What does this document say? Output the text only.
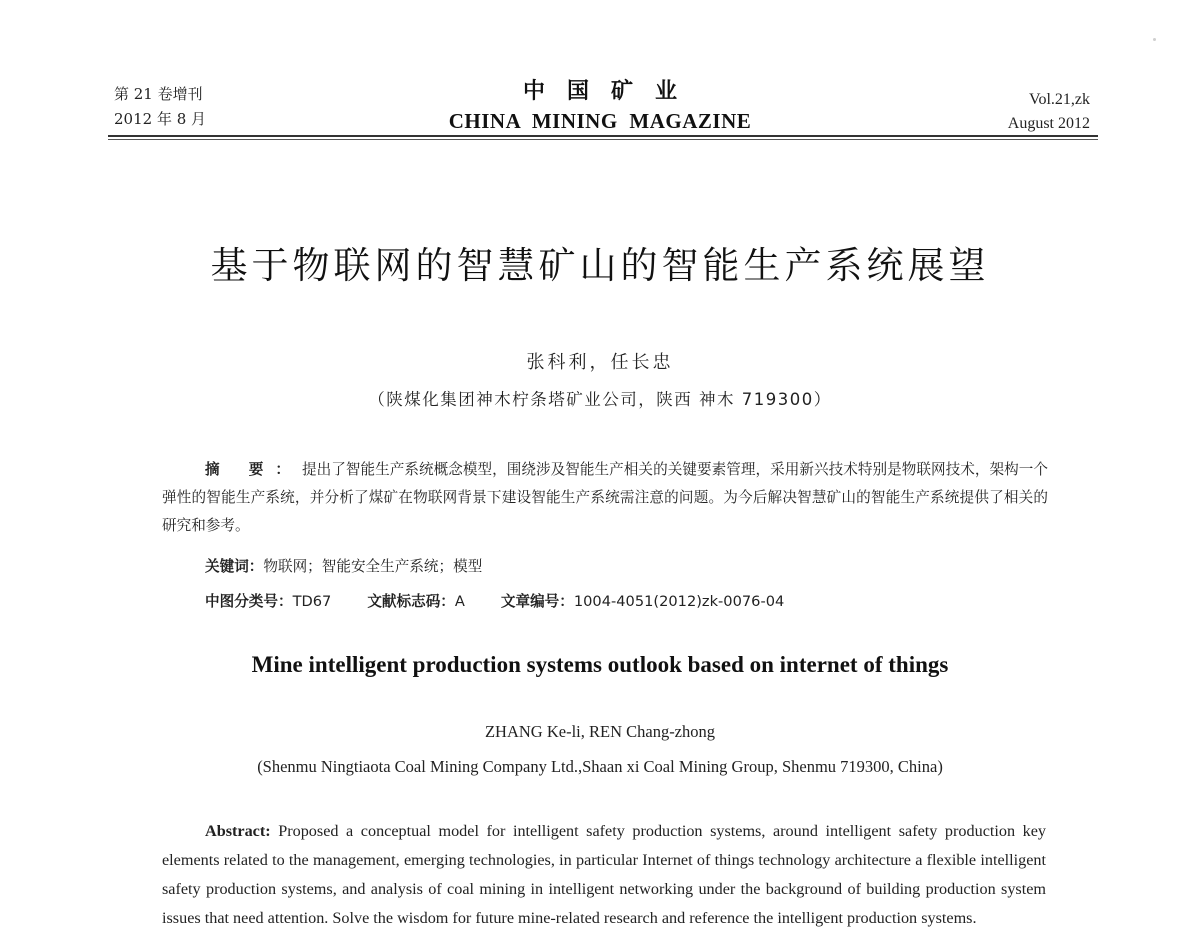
第 21 卷增刊
2012 年 8 月
中国矿业
CHINA MINING MAGAZINE
Vol.21,zk
August 2012
基于物联网的智慧矿山的智能生产系统展望
张科利，任长忠
（陕煤化集团神木柠条塔矿业公司，陕西 神木 719300）
摘 要：提出了智能生产系统概念模型，围绕涉及智能生产相关的关键要素管理，采用新兴技术特别是物联网技术，架构一个弹性的智能生产系统，并分析了煤矿在物联网背景下建设智能生产系统需注意的问题。为今后解决智慧矿山的智能生产系统提供了相关的研究和参考。
关键词：物联网；智能安全生产系统；模型
中图分类号：TD67 文献标志码：A 文章编号：1004-4051(2012)zk-0076-04
Mine intelligent production systems outlook based on internet of things
ZHANG Ke-li, REN Chang-zhong
(Shenmu Ningtiaota Coal Mining Company Ltd.,Shaan xi Coal Mining Group, Shenmu 719300, China)
Abstract: Proposed a conceptual model for intelligent safety production systems, around intelligent safety production key elements related to the management, emerging technologies, in particular Internet of things technology architecture a flexible intelligent safety production systems, and analysis of coal mining in intelligent networking under the background of building production system issues that need attention. Solve the wisdom for future mine-related research and reference the intelligent production systems.
